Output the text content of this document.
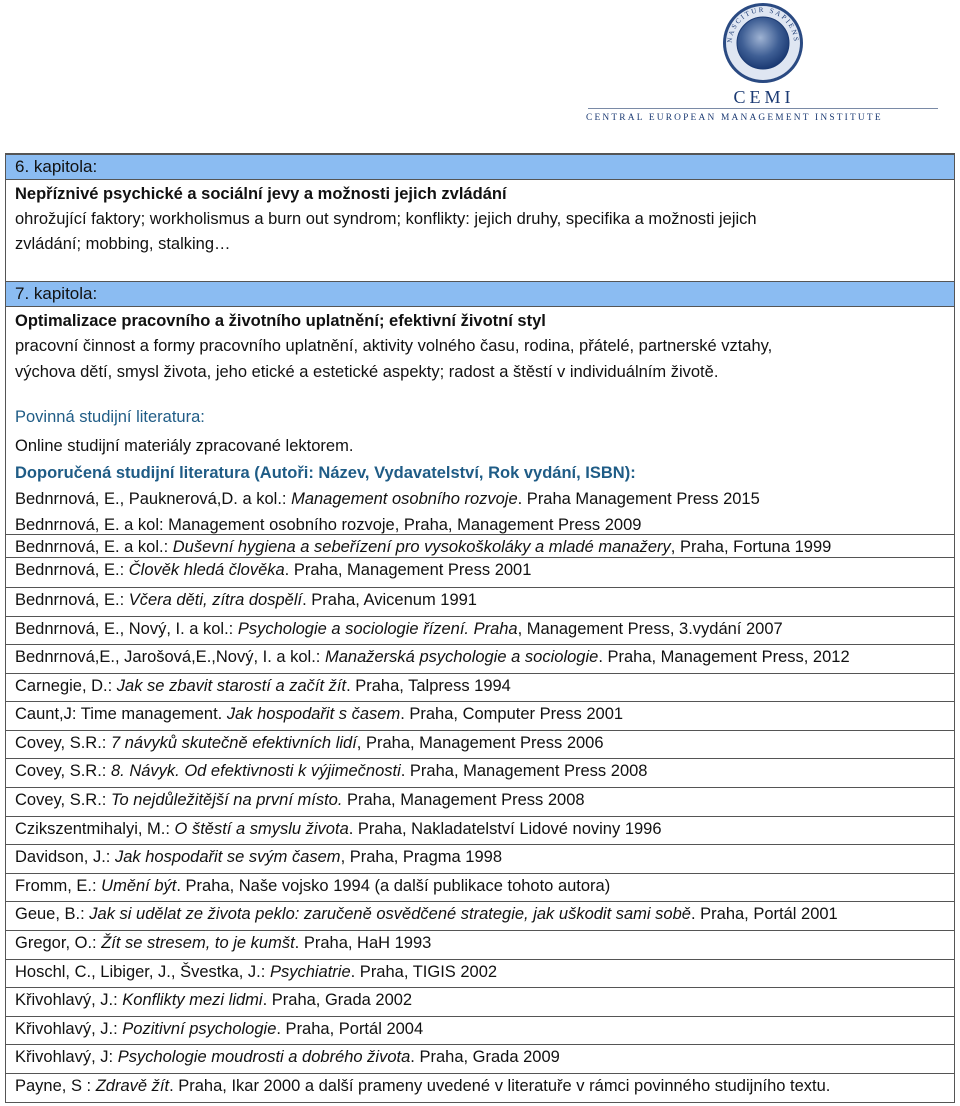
NASCITUR SAPIENS
CEMI
CENTRAL EUROPEAN MANAGEMENT INSTITUTE
6. kapitola:
Nepříznivé psychické a sociální jevy a možnosti jejich zvládání
ohrožující faktory; workholismus a burn out syndrom; konflikty: jejich druhy, specifika a možnosti jejich
zvládání; mobbing, stalking…
7. kapitola:
Optimalizace pracovního a životního uplatnění; efektivní životní styl
pracovní činnost a formy pracovního uplatnění, aktivity volného času, rodina, přátelé, partnerské vztahy,
výchova dětí, smysl života, jeho etické a estetické aspekty; radost a štěstí v individuálním životě.
Povinná studijní literatura:
Online studijní materiály zpracované lektorem.
Doporučená studijní literatura (Autoři: Název, Vydavatelství, Rok vydání, ISBN):
Bednrnová, E., Pauknerová,D. a kol.: Management osobního rozvoje. Praha Management Press 2015
Bednrnová, E. a kol: Management osobního rozvoje, Praha, Management Press 2009
Bednrnová, E. a kol.: Duševní hygiena a sebeřízení pro vysokoškoláky a mladé manažery, Praha, Fortuna 1999
Bednrnová, E.: Člověk hledá člověka. Praha, Management Press 2001
Bednrnová, E.: Včera děti, zítra dospělí. Praha, Avicenum 1991
Bednrnová, E., Nový, I. a kol.: Psychologie a sociologie řízení. Praha, Management Press, 3.vydání 2007
Bednrnová,E., Jarošová,E.,Nový, I. a kol.: Manažerská psychologie a sociologie. Praha, Management Press, 2012
Carnegie, D.: Jak se zbavit starostí a začít žít. Praha, Talpress 1994
Caunt,J: Time management. Jak hospodařit s časem. Praha, Computer Press 2001
Covey, S.R.: 7 návyků skutečně efektivních lidí, Praha, Management Press 2006
Covey, S.R.: 8. Návyk. Od efektivnosti k výjimečnosti. Praha, Management Press 2008
Covey, S.R.: To nejdůležitější na první místo. Praha, Management Press 2008
Czikszentmihalyi, M.: O štěstí a smyslu života. Praha, Nakladatelství Lidové noviny 1996
Davidson, J.: Jak hospodařit se svým časem, Praha, Pragma 1998
Fromm, E.: Umění být. Praha, Naše vojsko 1994 (a další publikace tohoto autora)
Geue, B.: Jak si udělat ze života peklo: zaručeně osvědčené strategie, jak uškodit sami sobě. Praha, Portál 2001
Gregor, O.: Žít se stresem, to je kumšt. Praha, HaH 1993
Hoschl, C., Libiger, J., Švestka, J.: Psychiatrie. Praha, TIGIS 2002
Křivohlavý, J.: Konflikty mezi lidmi. Praha, Grada 2002
Křivohlavý, J.: Pozitivní psychologie. Praha, Portál 2004
Křivohlavý, J: Psychologie moudrosti a dobrého života. Praha, Grada 2009
Payne, S : Zdravě žít. Praha, Ikar 2000 a další prameny uvedené v literatuře v rámci povinného studijního textu.
